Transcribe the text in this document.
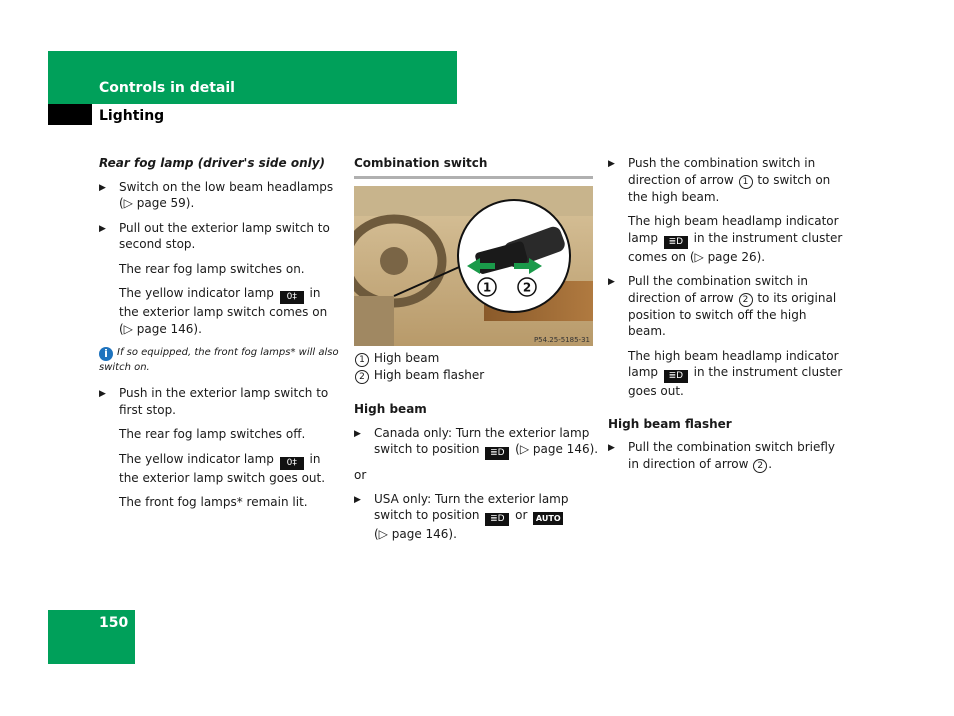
Controls in detail
Lighting

Rear fog lamp (driver's side only)

▶ Switch on the low beam headlamps
(▷ page 59).
▶ Pull out the exterior lamp switch to second stop.

The rear fog lamp switches on.

The yellow indicator lamp 0‡ in the exterior lamp switch comes on
(▷ page 146).

i If so equipped, the front fog lamps* will also switch on.

▶ Push in the exterior lamp switch to first stop.

The rear fog lamp switches off.

The yellow indicator lamp 0‡ in the exterior lamp switch goes out.

The front fog lamps* remain lit.

Combination switch

1	2
P54.25-5185-31

1 High beam

2 High beam flasher

High beam

▶ Canada only: Turn the exterior lamp switch to position ≣D (▷ page 146).

or

▶ USA only: Turn the exterior lamp switch to position ≣D or AUTO
(▷ page 146).
▶ Push the combination switch in direction of arrow 1 to switch on the high beam.

The high beam headlamp indicator lamp ≣D in the instrument cluster comes on (▷ page 26).

▶ Pull the combination switch in direction of arrow 2 to its original position to switch off the high beam.

The high beam headlamp indicator lamp ≣D in the instrument cluster goes out.

High beam flasher

▶ Pull the combination switch briefly in direction of arrow 2 .
150
